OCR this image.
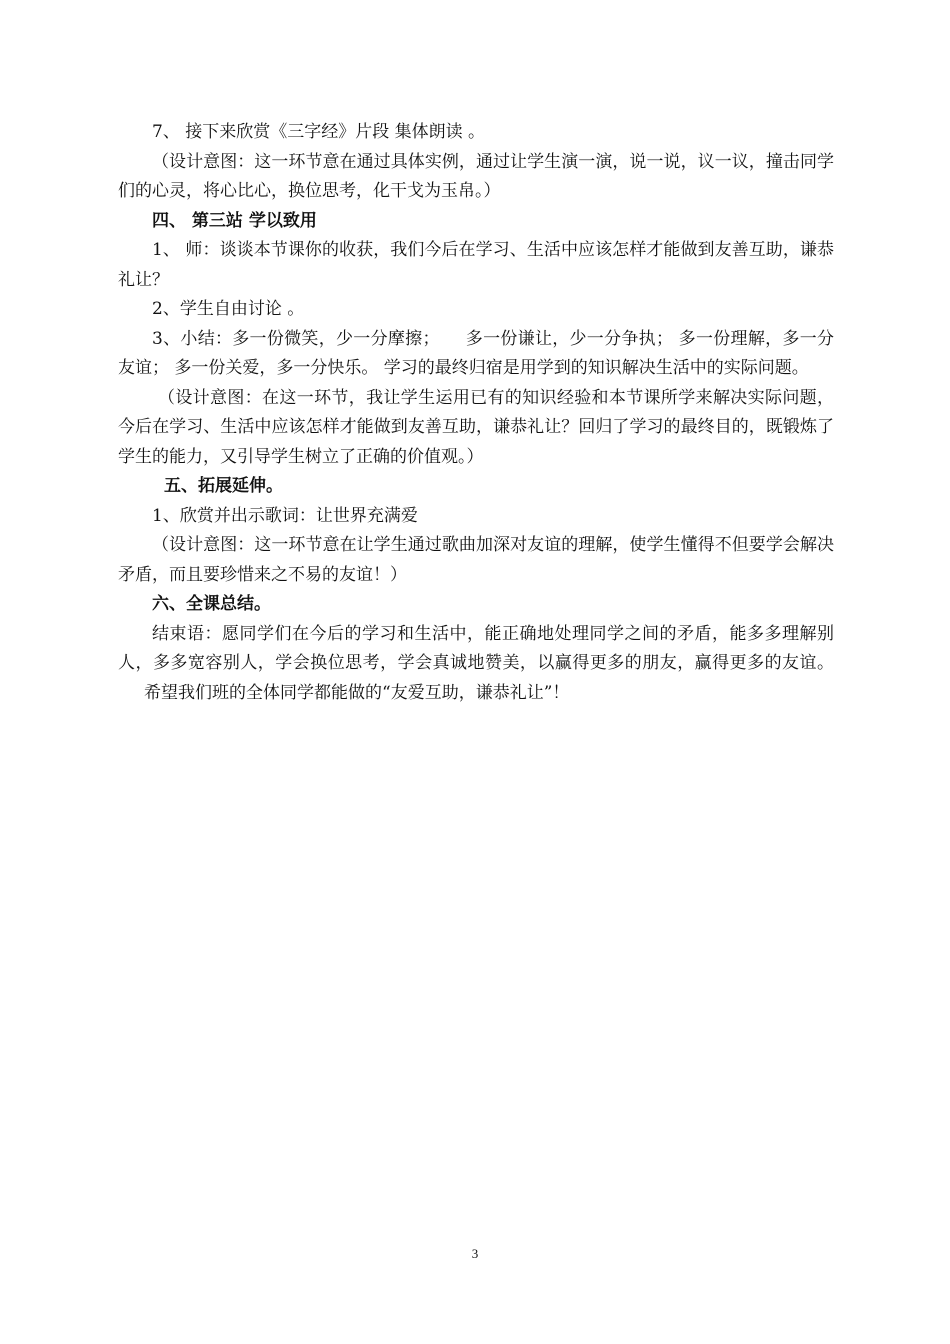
7、 接下来欣赏《三字经》片段 集体朗读 。

（设计意图：这一环节意在通过具体实例，通过让学生演一演，说一说，议一议，撞击同学们的心灵，将心比心，换位思考，化干戈为玉帛。）

四、 第三站 学以致用

1、 师：谈谈本节课你的收获，我们今后在学习、生活中应该怎样才能做到友善互助，谦恭礼让？

2、学生自由讨论 。

3、小结：多一份微笑，少一分摩擦； 多一份谦让，少一分争执； 多一份理解，多一分友谊； 多一份关爱，多一分快乐。 学习的最终归宿是用学到的知识解决生活中的实际问题。

（设计意图：在这一环节，我让学生运用已有的知识经验和本节课所学来解决实际问题，今后在学习、生活中应该怎样才能做到友善互助，谦恭礼让？回归了学习的最终目的，既锻炼了学生的能力，又引导学生树立了正确的价值观。）

五、拓展延伸。

1、欣赏并出示歌词：让世界充满爱

（设计意图：这一环节意在让学生通过歌曲加深对友谊的理解，使学生懂得不但要学会解决矛盾，而且要珍惜来之不易的友谊！）

六、全课总结。

结束语：愿同学们在今后的学习和生活中，能正确地处理同学之间的矛盾，能多多理解别人，多多宽容别人，学会换位思考，学会真诚地赞美，以赢得更多的朋友，赢得更多的友谊。希望我们班的全体同学都能做的“友爱互助，谦恭礼让”！

3
